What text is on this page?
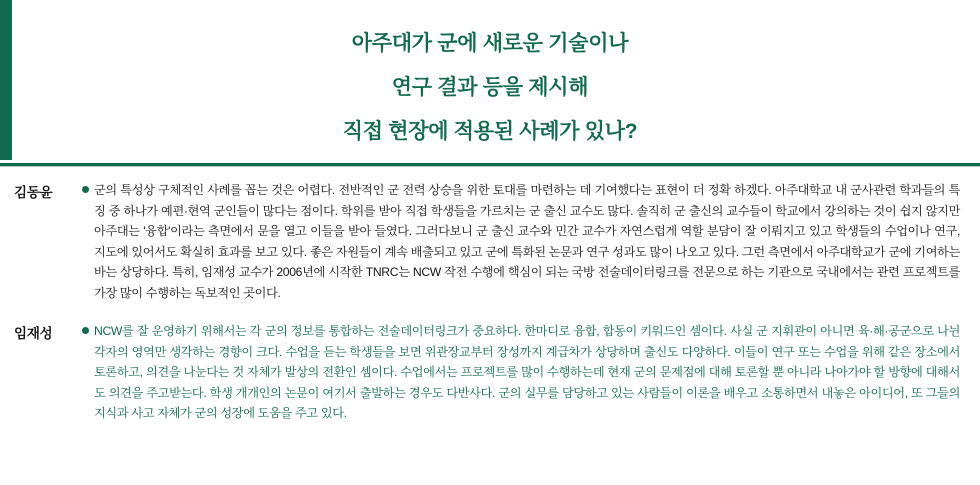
아주대가 군에 새로운 기술이나
연구 결과 등을 제시해
직접 현장에 적용된 사례가 있나?
김동윤	군의 특성상 구체적인 사례를 꼽는 것은 어렵다. 전반적인 군 전력 상승을 위한 토대를 마련하는 데 기여했다는 표현이 더 정확 하겠다. 아주대학교 내 군사관련 학과들의 특징 중 하나가 예편·현역 군인들이 많다는 점이다. 학위를 받아 직접 학생들을 가르치는 군 출신 교수도 많다. 솔직히 군 출신의 교수들이 학교에서 강의하는 것이 쉽지 않지만 아주대는 '융합'이라는 측면에서 문을 열고 이들을 받아 들였다. 그러다보니 군 출신 교수와 민간 교수가 자연스럽게 역할 분담이 잘 이뤄지고 있고 학생들의 수업이나 연구, 지도에 있어서도 확실히 효과를 보고 있다. 좋은 자원들이 계속 배출되고 있고 군에 특화된 논문과 연구 성과도 많이 나오고 있다. 그런 측면에서 아주대학교가 군에 기여하는 바는 상당하다. 특히, 임재성 교수가 2006년에 시작한 TNRC는 NCW 작전 수행에 핵심이 되는 국방 전술데이터링크를 전문으로 하는 기관으로 국내에서는 관련 프로젝트를 가장 많이 수행하는 독보적인 곳이다.
임재성	NCW를 잘 운영하기 위해서는 각 군의 정보를 통합하는 전술데이터링크가 중요하다. 한마디로 융합, 합동이 키워드인 셈이다. 사실 군 지휘관이 아니면 육·해·공군으로 나뉜 각자의 영역만 생각하는 경향이 크다. 수업을 듣는 학생들을 보면 위관장교부터 장성까지 계급차가 상당하며 출신도 다양하다. 이들이 연구 또는 수업을 위해 같은 장소에서 토론하고, 의견을 나눈다는 것 자체가 발상의 전환인 셈이다. 수업에서는 프로젝트를 많이 수행하는데 현재 군의 문제점에 대해 토론할 뿐 아니라 나아가야 할 방향에 대해서도 의견을 주고받는다. 학생 개개인의 논문이 여기서 출발하는 경우도 다반사다. 군의 실무를 담당하고 있는 사람들이 이론을 배우고 소통하면서 내놓은 아이디어, 또 그들의 지식과 사고 자체가 군의 성장에 도움을 주고 있다.
